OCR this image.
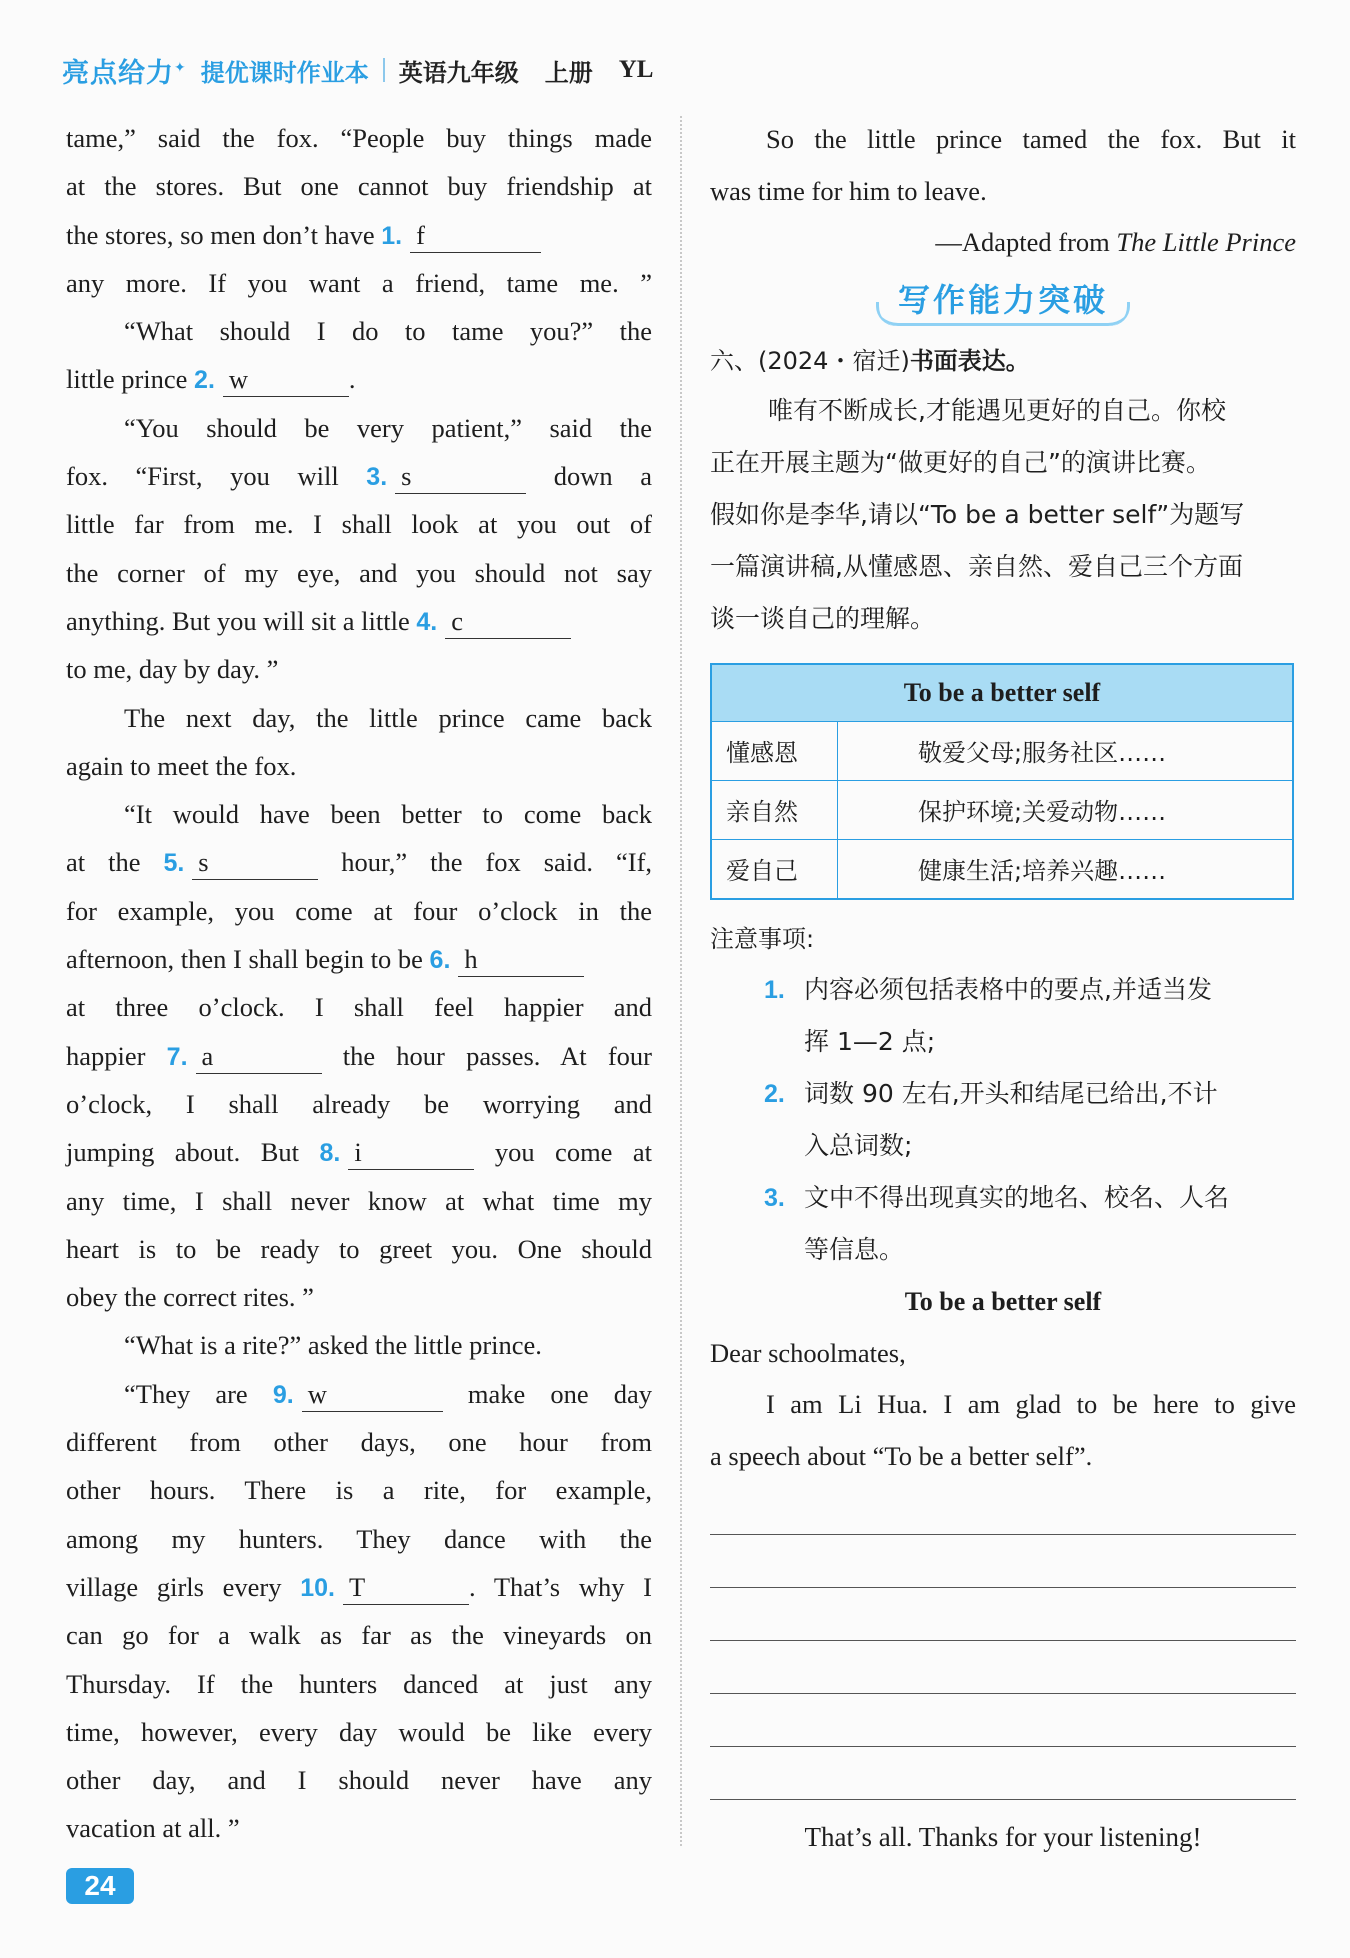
亮点给力✦ 提优课时作业本 英语九年级 上册 YL
tame,” said the fox. “People buy things made
at the stores. But one cannot buy friendship at
the stores, so men don’t have 1. f
any more. If you want a friend, tame me. ”
“What should I do to tame you?” the
little prince 2. w	.
“You should be very patient,” said the
fox. “First, you will 3. s	down a
little far from me. I shall look at you out of
the corner of my eye, and you should not say
anything. But you will sit a little 4. c
to me, day by day. ”
The next day, the little prince came back
again to meet the fox.
“It would have been better to come back
at the 5. s	hour,” the fox said. “If,
for example, you come at four o’clock in the
afternoon, then I shall begin to be 6. h
at three o’clock. I shall feel happier and
happier 7. a	the hour passes. At four
o’clock, I shall already be worrying and
jumping about. But 8. i	you come at
any time, I shall never know at what time my
heart is to be ready to greet you. One should
obey the correct rites. ”
“What is a rite?” asked the little prince.
“They are 9. w	make one day
different from other days, one hour from
other hours. There is a rite, for example,
among my hunters. They dance with the
village girls every 10. T	. That’s why I
can go for a walk as far as the vineyards on
Thursday. If the hunters danced at just any
time, however, every day would be like every
other day, and I should never have any
vacation at all. ”
So the little prince tamed the fox. But it
was time for him to leave.
—Adapted from The Little Prince
写作能力突破
六、(2024・宿迁)书面表达。
唯有不断成长,才能遇见更好的自己。你校
正在开展主题为“做更好的自己”的演讲比赛。
假如你是李华,请以“To be a better self”为题写
一篇演讲稿,从懂感恩、亲自然、爱自己三个方面
谈一谈自己的理解。
To be a better self	
懂感恩	敬爱父母;服务社区……
亲自然	保护环境;关爱动物……
爱自己	健康生活;培养兴趣……
注意事项:
1. 内容必须包括表格中的要点,并适当发
挥 1—2 点;
2. 词数 90 左右,开头和结尾已给出,不计
入总词数;
3. 文中不得出现真实的地名、校名、人名
等信息。
To be a better self
Dear schoolmates,
I am Li Hua. I am glad to be here to give
a speech about “To be a better self”.
That’s all. Thanks for your listening!
24
